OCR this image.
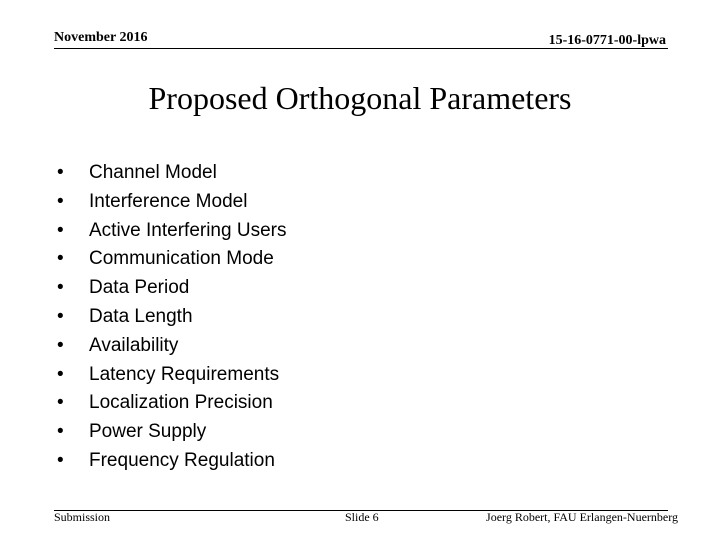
November 2016	15-16-0771-00-lpwa
Proposed Orthogonal Parameters
•	Channel Model
•	Interference Model
•	Active Interfering Users
•	Communication Mode
•	Data Period
•	Data Length
•	Availability
•	Latency Requirements
•	Localization Precision
•	Power Supply
•	Frequency Regulation
Submission	Slide 6	Joerg Robert, FAU Erlangen-Nuernberg
